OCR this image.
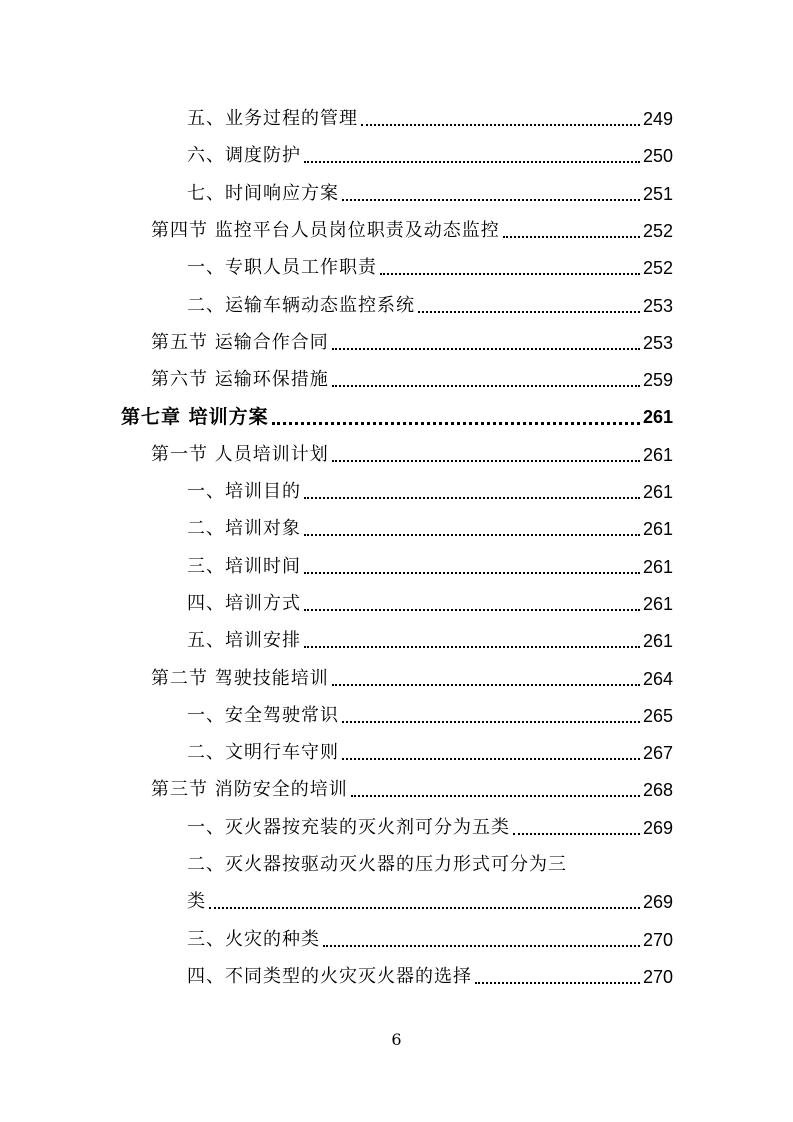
五、业务过程的管理	249
六、调度防护	250
七、时间响应方案	251
第四节 监控平台人员岗位职责及动态监控	252
一、专职人员工作职责	252
二、运输车辆动态监控系统	253
第五节 运输合作合同	253
第六节 运输环保措施	259
第七章 培训方案	261
第一节 人员培训计划	261
一、培训目的	261
二、培训对象	261
三、培训时间	261
四、培训方式	261
五、培训安排	261
第二节 驾驶技能培训	264
一、安全驾驶常识	265
二、文明行车守则	267
第三节 消防安全的培训	268
一、灭火器按充装的灭火剂可分为五类	269
二、灭火器按驱动灭火器的压力形式可分为三
类	269
三、火灾的种类	270
四、不同类型的火灾灭火器的选择	270
6
